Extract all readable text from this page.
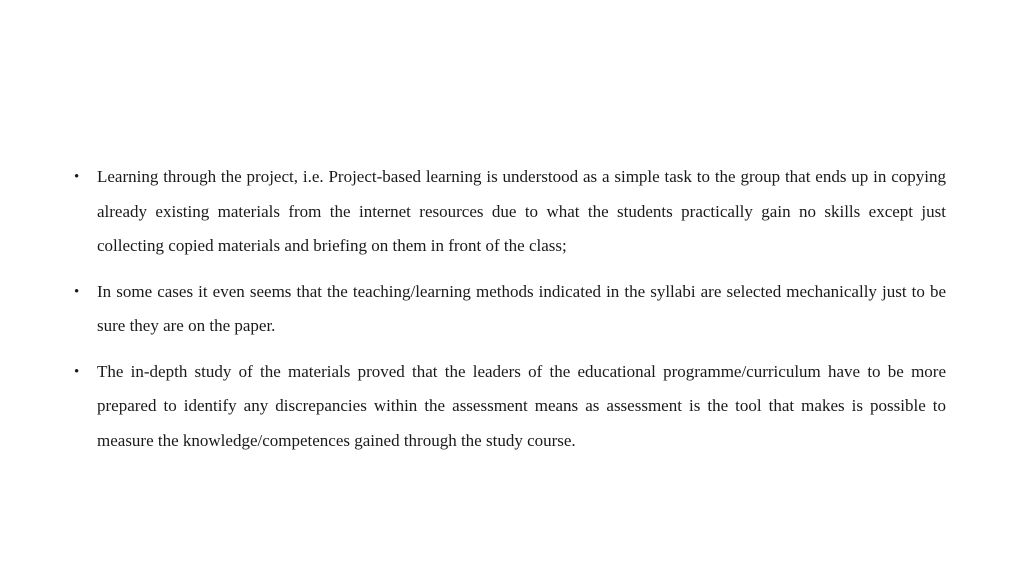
• Learning through the project, i.e. Project-based learning is understood as a simple task to the group that ends up in copying already existing materials from the internet resources due to what the students practically gain no skills except just collecting copied materials and briefing on them in front of the class;
• In some cases it even seems that the teaching/learning methods indicated in the syllabi are selected mechanically just to be sure they are on the paper.
• The in-depth study of the materials proved that the leaders of the educational programme/curriculum have to be more prepared to identify any discrepancies within the assessment means as assessment is the tool that makes is possible to measure the knowledge/competences gained through the study course.
